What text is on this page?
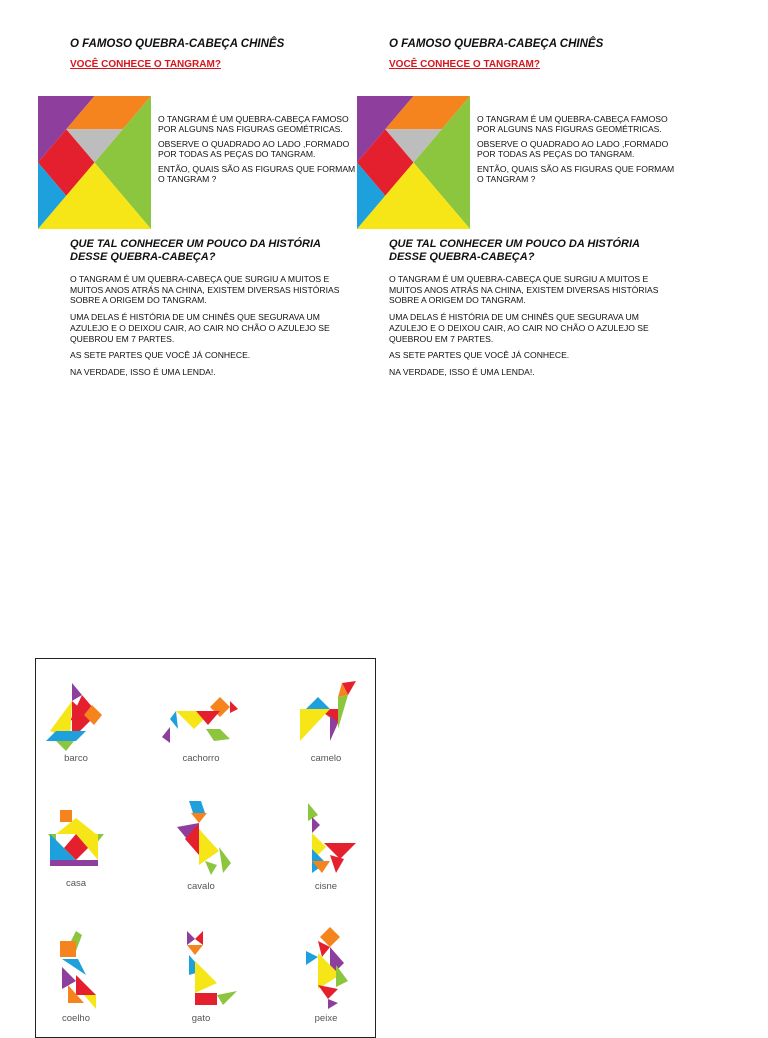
O FAMOSO QUEBRA-CABEÇA CHINÊS
VOCÊ CONHECE O TANGRAM?

O TANGRAM É UM QUEBRA-CABEÇA FAMOSO POR ALGUNS NAS FIGURAS GEOMÉTRICAS.

OBSERVE O QUADRADO AO LADO ,FORMADO POR TODAS AS PEÇAS DO TANGRAM.

ENTÃO, QUAIS SÃO AS FIGURAS QUE FORMAM O TANGRAM ?

QUE TAL CONHECER UM POUCO DA HISTÓRIA DESSE QUEBRA-CABEÇA?

O TANGRAM É UM QUEBRA-CABEÇA QUE SURGIU A MUITOS E MUITOS ANOS ATRÁS NA CHINA, EXISTEM DIVERSAS HISTÓRIAS SOBRE A ORIGEM DO TANGRAM.

UMA DELAS É HISTÓRIA DE UM CHINÊS QUE SEGURAVA UM AZULEJO E O DEIXOU CAIR, AO CAIR NO CHÃO O AZULEJO SE QUEBROU EM 7 PARTES.

AS SETE PARTES QUE VOCÊ JÁ CONHECE.

NA VERDADE, ISSO É UMA LENDA!.

O FAMOSO QUEBRA-CABEÇA CHINÊS
VOCÊ CONHECE O TANGRAM?

O TANGRAM É UM QUEBRA-CABEÇA FAMOSO POR ALGUNS NAS FIGURAS GEOMÉTRICAS.

OBSERVE O QUADRADO AO LADO ,FORMADO POR TODAS AS PEÇAS DO TANGRAM.

ENTÃO, QUAIS SÃO AS FIGURAS QUE FORMAM O TANGRAM ?

QUE TAL CONHECER UM POUCO DA HISTÓRIA DESSE QUEBRA-CABEÇA?

O TANGRAM É UM QUEBRA-CABEÇA QUE SURGIU A MUITOS E MUITOS ANOS ATRÁS NA CHINA, EXISTEM DIVERSAS HISTÓRIAS SOBRE A ORIGEM DO TANGRAM.

UMA DELAS É HISTÓRIA DE UM CHINÊS QUE SEGURAVA UM AZULEJO E O DEIXOU CAIR, AO CAIR NO CHÃO O AZULEJO SE QUEBROU EM 7 PARTES.

AS SETE PARTES QUE VOCÊ JÁ CONHECE.

NA VERDADE, ISSO É UMA LENDA!.

barco	cachorro	camelo
casa	cavalo	cisne
coelho	gato	peixe
